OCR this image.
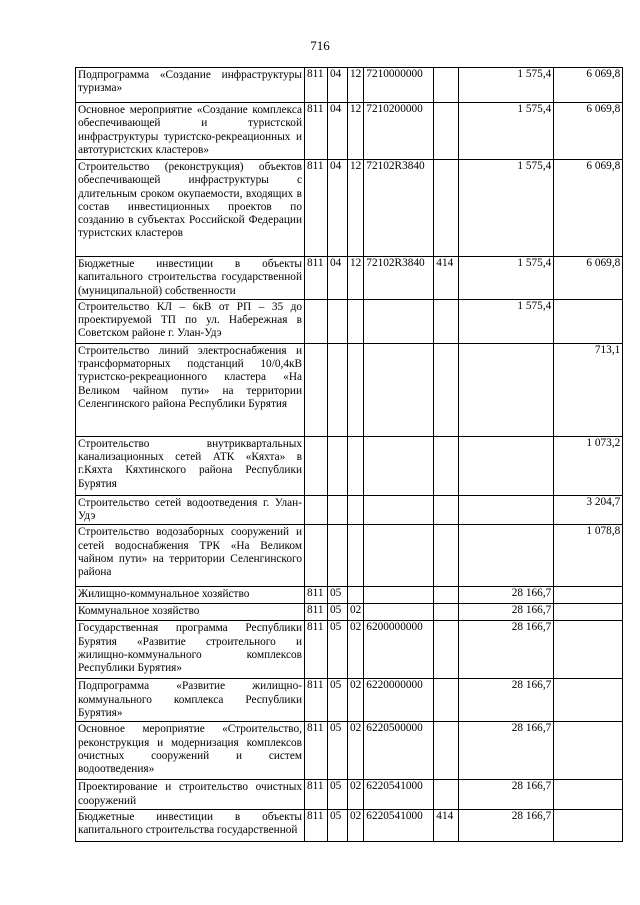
716
Подпрограмма «Создание инфраструктуры туризма»	811	04	12	7210000000		1 575,4	6 069,8
Основное мероприятие «Создание комплекса обеспечивающей и туристской инфраструктуры туристско-рекреационных и автотуристских кластеров»	811	04	12	7210200000		1 575,4	6 069,8
Строительство (реконструкция) объектов обеспечивающей инфраструктуры с длительным сроком окупаемости, входящих в состав инвестиционных проектов по созданию в субъектах Российской Федерации туристских кластеров	811	04	12	72102R3840		1 575,4	6 069,8
Бюджетные инвестиции в объекты капитального строительства государственной (муниципальной) собственности	811	04	12	72102R3840	414	1 575,4	6 069,8
Строительство КЛ – 6кВ от РП – 35 до проектируемой ТП по ул. Набережная в Советском районе г. Улан-Удэ						1 575,4	
Строительство линий электроснабжения и трансформаторных подстанций 10/0,4кВ туристско-рекреационного кластера «На Великом чайном пути» на территории Селенгинского района Республики Бурятия							713,1
Строительство внутриквартальных канализационных сетей АТК «Кяхта» в г.Кяхта Кяхтинского района Республики Бурятия							1 073,2
Строительство сетей водоотведения г. Улан-Удэ							3 204,7
Строительство водозаборных сооружений и сетей водоснабжения ТРК «На Великом чайном пути» на территории Селенгинского района							1 078,8
Жилищно-коммунальное хозяйство	811	05				28 166,7	
Коммунальное хозяйство	811	05	02			28 166,7	
Государственная программа Республики Бурятия «Развитие строительного и жилищно-коммунального комплексов Республики Бурятия»	811	05	02	6200000000		28 166,7	
Подпрограмма «Развитие жилищно-коммунального комплекса Республики Бурятия»	811	05	02	6220000000		28 166,7	
Основное мероприятие «Строительство, реконструкция и модернизация комплексов очистных сооружений и систем водоотведения»	811	05	02	6220500000		28 166,7	
Проектирование и строительство очистных сооружений	811	05	02	6220541000		28 166,7	
Бюджетные инвестиции в объекты капитального строительства государственной	811	05	02	6220541000	414	28 166,7	
